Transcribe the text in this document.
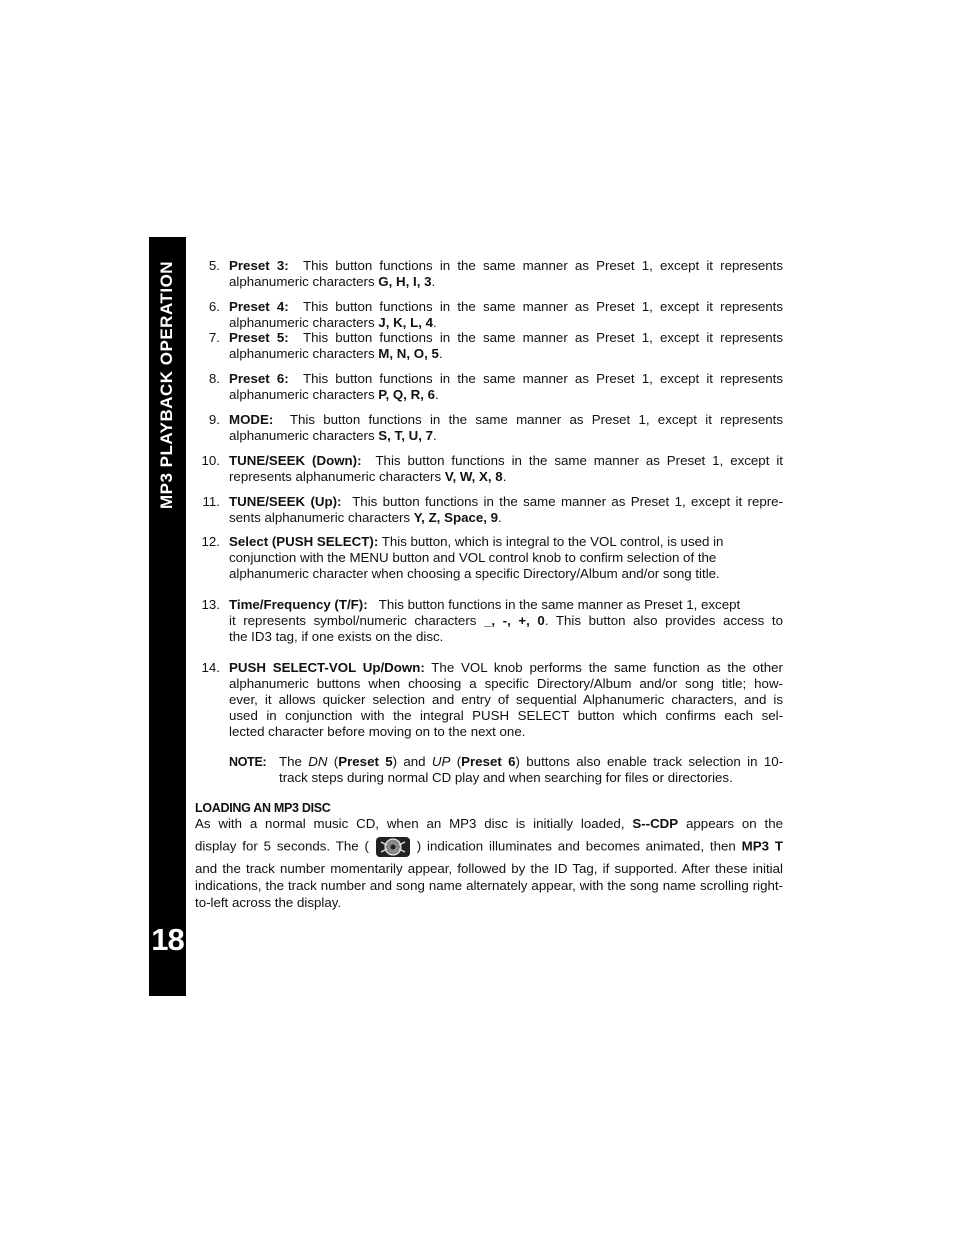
MP3 PLAYBACK OPERATION
18
5. Preset 3: This button functions in the same manner as Preset 1, except it represents
alphanumeric characters G, H, I, 3.
6. Preset 4: This button functions in the same manner as Preset 1, except it represents
alphanumeric characters J, K, L, 4.
7. Preset 5: This button functions in the same manner as Preset 1, except it represents
alphanumeric characters M, N, O, 5.
8. Preset 6: This button functions in the same manner as Preset 1, except it represents
alphanumeric characters P, Q, R, 6.
9. MODE: This button functions in the same manner as Preset 1, except it represents
alphanumeric characters S, T, U, 7.
10. TUNE/SEEK (Down): This button functions in the same manner as Preset 1, except it
represents alphanumeric characters V, W, X, 8.
11. TUNE/SEEK (Up): This button functions in the same manner as Preset 1, except it repre-
sents alphanumeric characters Y, Z, Space, 9.
12. Select (PUSH SELECT): This button, which is integral to the VOL control, is used in
conjunction with the MENU button and VOL control knob to confirm selection of the
alphanumeric character when choosing a specific Directory/Album and/or song title.
13. Time/Frequency (T/F): This button functions in the same manner as Preset 1, except
it represents symbol/numeric characters _, -, +, 0. This button also provides access to
the ID3 tag, if one exists on the disc.
14. PUSH SELECT-VOL Up/Down: The VOL knob performs the same function as the other
alphanumeric buttons when choosing a specific Directory/Album and/or song title; how-
ever, it allows quicker selection and entry of sequential Alphanumeric characters, and is
used in conjunction with the integral PUSH SELECT button which confirms each sel-
lected character before moving on to the next one.
NOTE: The DN (Preset 5) and UP (Preset 6) buttons also enable track selection in 10-
track steps during normal CD play and when searching for files or directories.
LOADING AN MP3 DISC
As with a normal music CD, when an MP3 disc is initially loaded, S--CDP appears on the
display for 5 seconds. The (	) indication illuminates and becomes animated, then MP3 T
and the track number momentarily appear, followed by the ID Tag, if supported. After these initial indications, the track number and song name alternately appear, with the song name scrolling right-to-left across the display.
